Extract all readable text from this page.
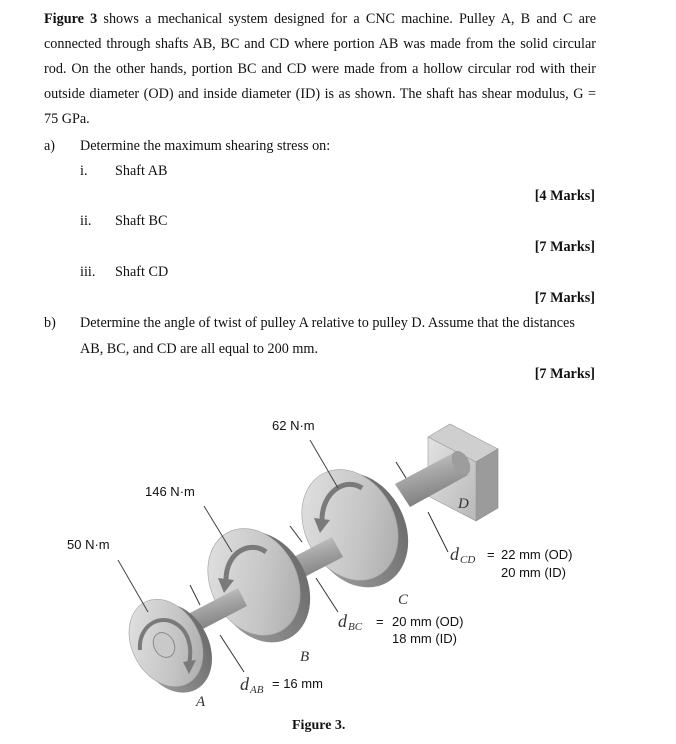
Figure 3 shows a mechanical system designed for a CNC machine. Pulley A, B and C are
connected through shafts AB, BC and CD where portion AB was made from the solid circular
rod. On the other hands, portion BC and CD were made from a hollow circular rod with their
outside diameter (OD) and inside diameter (ID) is as shown. The shaft has shear modulus, G =
75 GPa.
a) Determine the maximum shearing stress on:
i. Shaft AB
[4 Marks]
ii. Shaft BC
[7 Marks]
iii. Shaft CD
[7 Marks]
b) Determine the angle of twist of pulley A relative to pulley D. Assume that the distances
AB, BC, and CD are all equal to 200 mm.
[7 Marks]
50 N·m
146 N·m
62 N·m
A
B
C
D
d AB = 16 mm
d BC = 20 mm (OD)
18 mm (ID)
d CD = 22 mm (OD)
20 mm (ID)
Figure 3.
